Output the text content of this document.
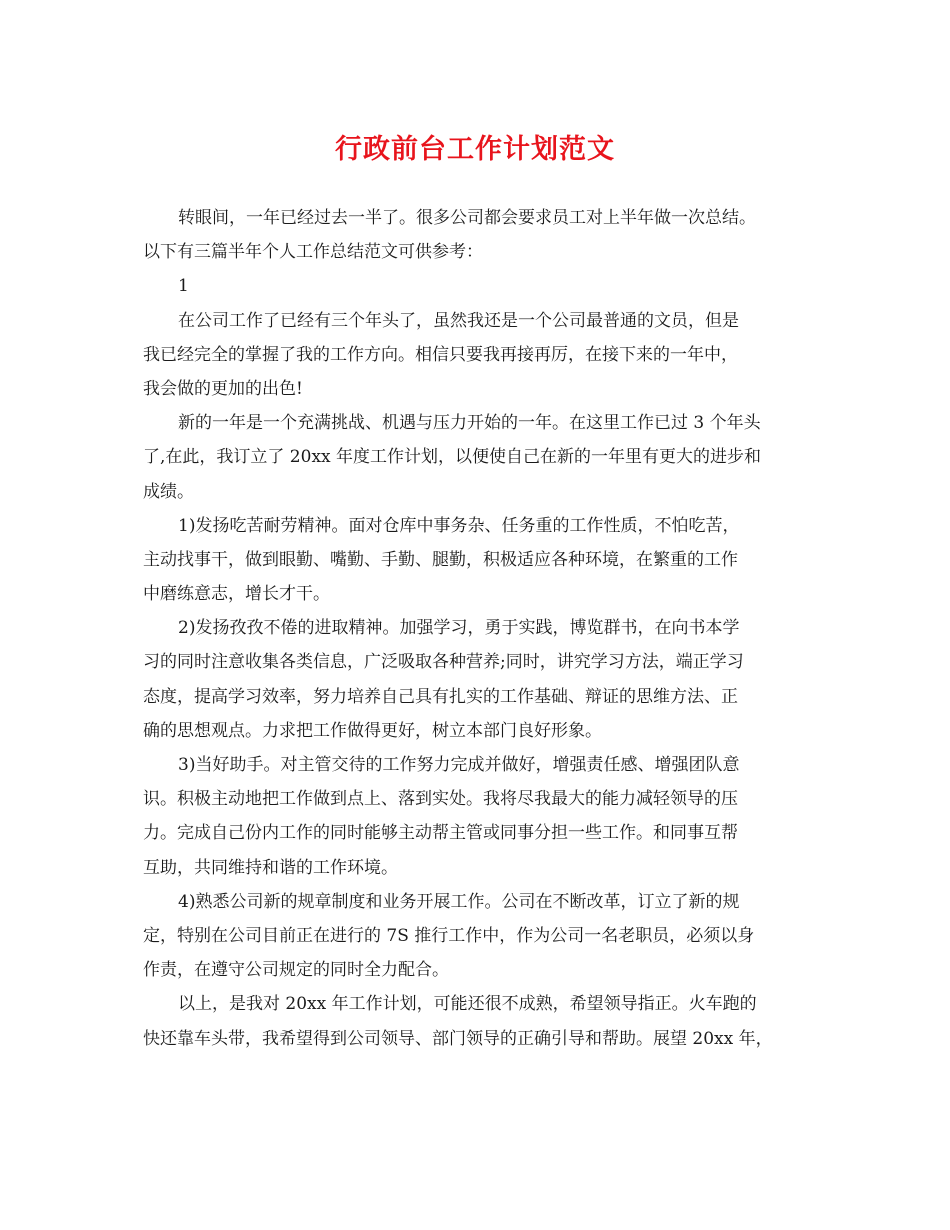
行政前台工作计划范文
转眼间，一年已经过去一半了。很多公司都会要求员工对上半年做一次总结。
以下有三篇半年个人工作总结范文可供参考：
1
在公司工作了已经有三个年头了，虽然我还是一个公司最普通的文员，但是
我已经完全的掌握了我的工作方向。相信只要我再接再厉，在接下来的一年中，
我会做的更加的出色!
新的一年是一个充满挑战、机遇与压力开始的一年。在这里工作已过 3 个年头
了,在此，我订立了 20xx 年度工作计划，以便使自己在新的一年里有更大的进步和
成绩。
1)发扬吃苦耐劳精神。面对仓库中事务杂、任务重的工作性质，不怕吃苦，
主动找事干，做到眼勤、嘴勤、手勤、腿勤，积极适应各种环境，在繁重的工作
中磨练意志，增长才干。
2)发扬孜孜不倦的进取精神。加强学习，勇于实践，博览群书，在向书本学
习的同时注意收集各类信息，广泛吸取各种营养;同时，讲究学习方法，端正学习
态度，提高学习效率，努力培养自己具有扎实的工作基础、辩证的思维方法、正
确的思想观点。力求把工作做得更好，树立本部门良好形象。
3)当好助手。对主管交待的工作努力完成并做好，增强责任感、增强团队意
识。积极主动地把工作做到点上、落到实处。我将尽我最大的能力减轻领导的压
力。完成自己份内工作的同时能够主动帮主管或同事分担一些工作。和同事互帮
互助，共同维持和谐的工作环境。
4)熟悉公司新的规章制度和业务开展工作。公司在不断改革，订立了新的规
定，特别在公司目前正在进行的 7S 推行工作中，作为公司一名老职员，必须以身
作责，在遵守公司规定的同时全力配合。
以上，是我对 20xx 年工作计划，可能还很不成熟，希望领导指正。火车跑的
快还靠车头带，我希望得到公司领导、部门领导的正确引导和帮助。展望 20xx 年，
